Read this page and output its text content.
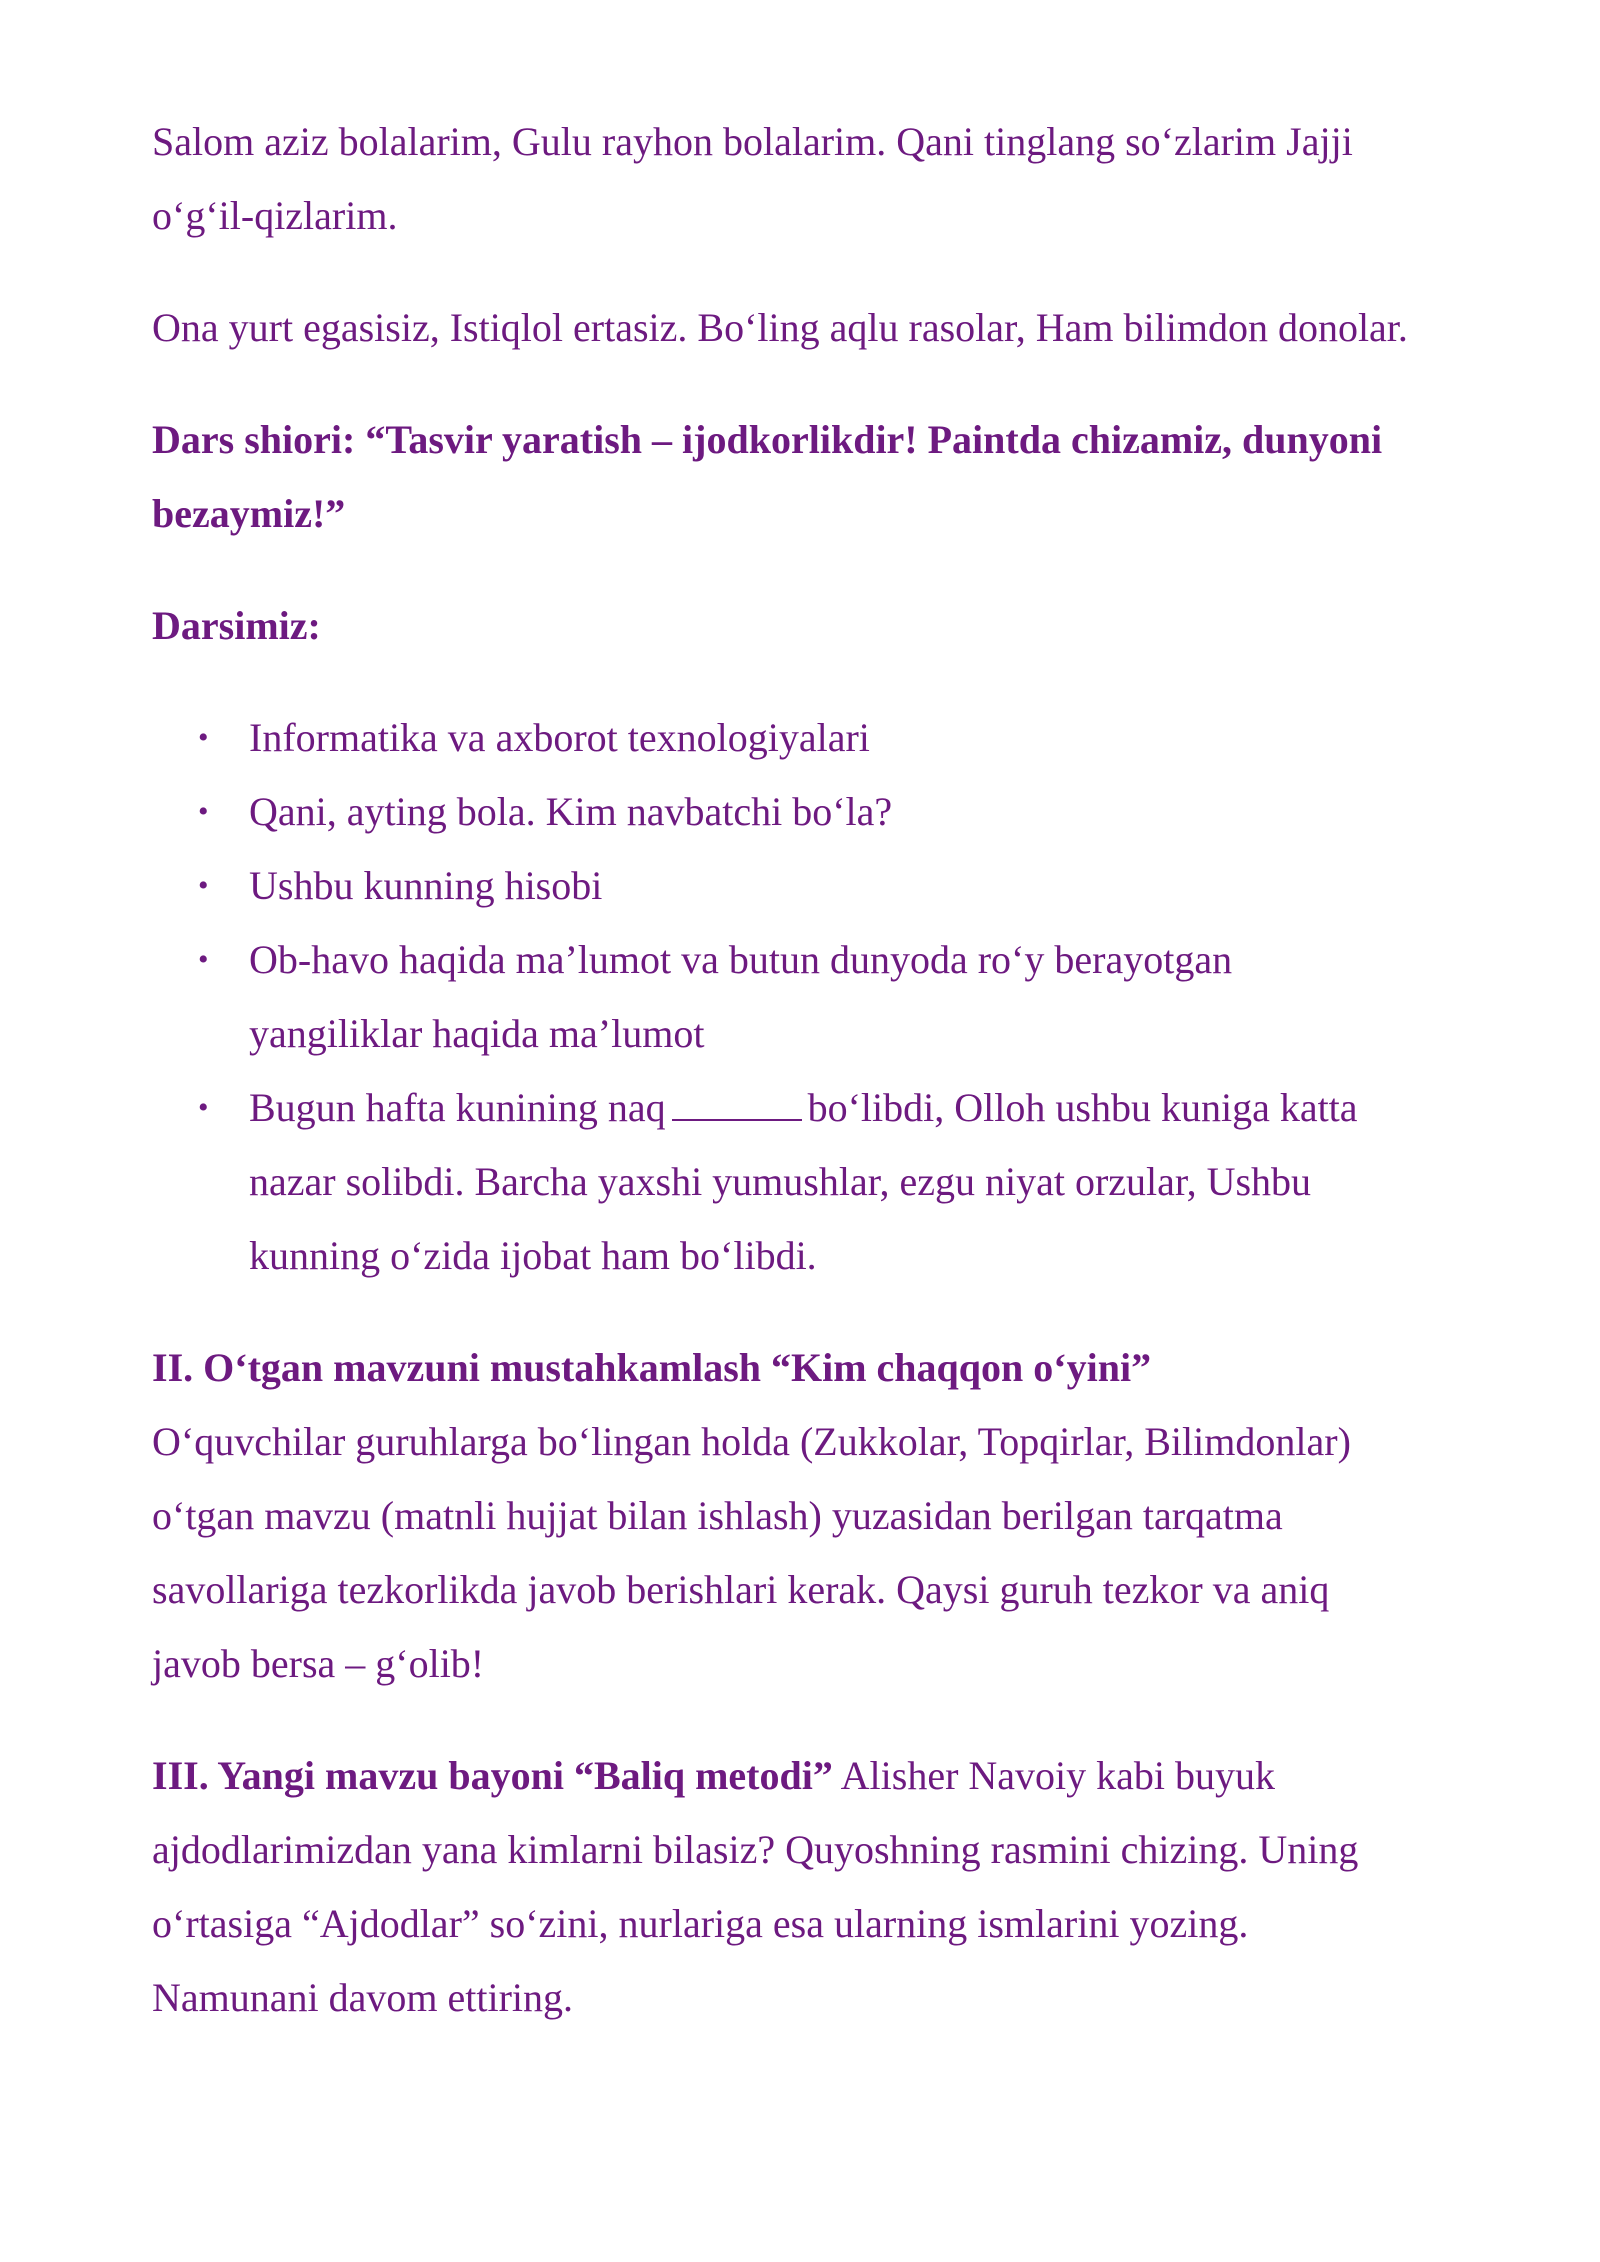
Salom aziz bolalarim, Gulu rayhon bolalarim. Qani tinglang so‘zlarim Jajji o‘g‘il-qizlarim.

Ona yurt egasisiz, Istiqlol ertasiz. Bo‘ling aqlu rasolar, Ham bilimdon donolar.

Dars shiori: “Tasvir yaratish – ijodkorlikdir! Paintda chizamiz, dunyoni bezaymiz!”

Darsimiz:

• Informatika va axborot texnologiyalari
• Qani, ayting bola. Kim navbatchi bo‘la?
• Ushbu kunning hisobi
• Ob-havo haqida ma’lumot va butun dunyoda ro‘y berayotgan yangiliklar haqida ma’lumot
• Bugun hafta kunining naq	bo‘libdi, Olloh ushbu kuniga katta nazar solibdi. Barcha yaxshi yumushlar, ezgu niyat orzular, Ushbu kunning o‘zida ijobat ham bo‘libdi.

II. O‘tgan mavzuni mustahkamlash “Kim chaqqon o‘yini”
O‘quvchilar guruhlarga bo‘lingan holda (Zukkolar, Topqirlar, Bilimdonlar) o‘tgan mavzu (matnli hujjat bilan ishlash) yuzasidan berilgan tarqatma savollariga tezkorlikda javob berishlari kerak. Qaysi guruh tezkor va aniq javob bersa – g‘olib!

III. Yangi mavzu bayoni “Baliq metodi” Alisher Navoiy kabi buyuk ajdodlarimizdan yana kimlarni bilasiz? Quyoshning rasmini chizing. Uning o‘rtasiga “Ajdodlar” so‘zini, nurlariga esa ularning ismlarini yozing. Namunani davom ettiring.
